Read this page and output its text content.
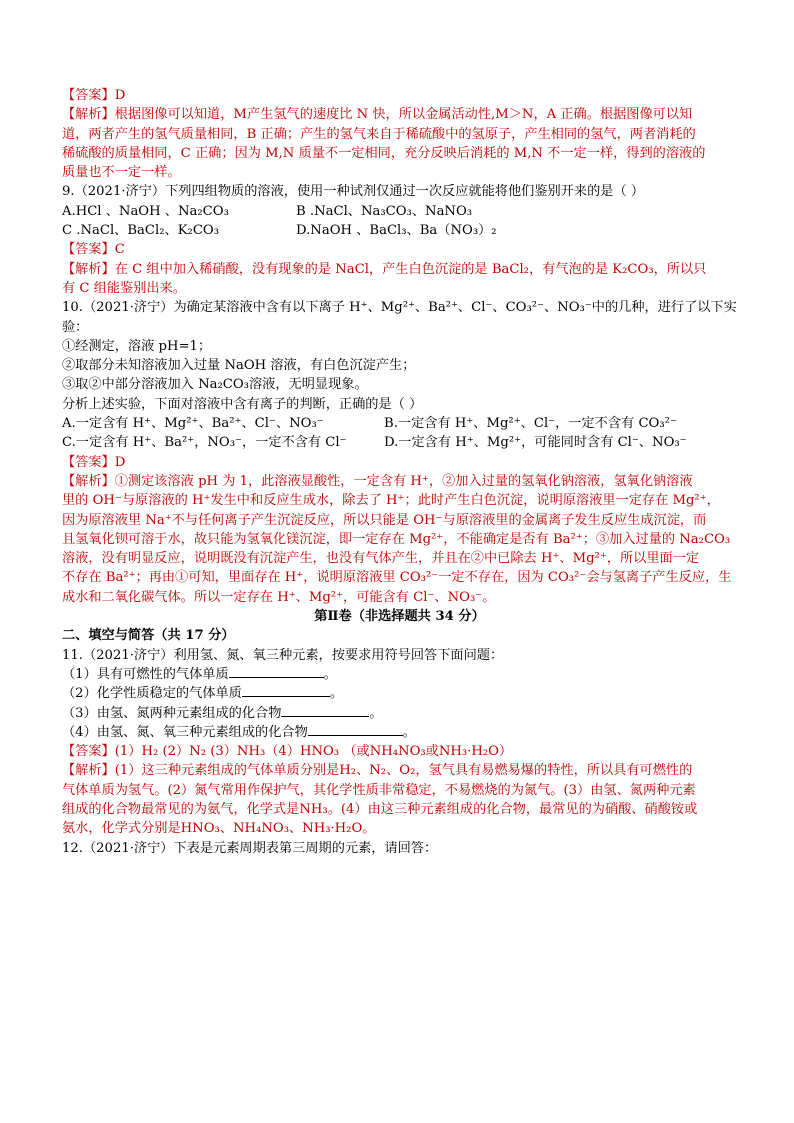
【答案】D
【解析】根据图像可以知道，M产生氢气的速度比 N 快，所以金属活动性,M＞N，A 正确。根据图像可以知
道，两者产生的氢气质量相同，B 正确；产生的氢气来自于稀硫酸中的氢原子，产生相同的氢气，两者消耗的
稀硫酸的质量相同，C 正确；因为 M,N 质量不一定相同，充分反映后消耗的 M,N 不一定一样，得到的溶液的
质量也不一定一样。
9.（2021·济宁）下列四组物质的溶液，使用一种试剂仅通过一次反应就能将他们鉴别开来的是（ ）
A.HCl 、NaOH 、Na₂CO₃	B .NaCl、Na₃CO₃、NaNO₃
C .NaCl、BaCl₂、K₂CO₃	D.NaOH 、BaCl₃、Ba（NO₃）₂
【答案】C
【解析】在 C 组中加入稀硝酸，没有现象的是 NaCl，产生白色沉淀的是 BaCl₂，有气泡的是 K₂CO₃，所以只
有 C 组能鉴别出来。
10.（2021·济宁）为确定某溶液中含有以下离子 H⁺、Mg²⁺、Ba²⁺、Cl⁻、CO₃²⁻、NO₃⁻中的几种，进行了以下实
验：
①经测定，溶液 pH=1；
②取部分未知溶液加入过量 NaOH 溶液，有白色沉淀产生；
③取②中部分溶液加入 Na₂CO₃溶液，无明显现象。
分析上述实验，下面对溶液中含有离子的判断，正确的是（ ）
A.一定含有 H⁺、Mg²⁺、Ba²⁺、Cl⁻、NO₃⁻	B.一定含有 H⁺、Mg²⁺、Cl⁻，一定不含有 CO₃²⁻
C.一定含有 H⁺、Ba²⁺，NO₃⁻，一定不含有 Cl⁻	D.一定含有 H⁺、Mg²⁺，可能同时含有 Cl⁻、NO₃⁻
【答案】D
【解析】①测定该溶液 pH 为 1，此溶液显酸性，一定含有 H⁺，②加入过量的氢氧化钠溶液，氢氧化钠溶液
里的 OH⁻与原溶液的 H⁺发生中和反应生成水，除去了 H⁺；此时产生白色沉淀，说明原溶液里一定存在 Mg²⁺，
因为原溶液里 Na⁺不与任何离子产生沉淀反应，所以只能是 OH⁻与原溶液里的金属离子发生反应生成沉淀，而
且氢氧化钡可溶于水，故只能为氢氧化镁沉淀，即一定存在 Mg²⁺，不能确定是否有 Ba²⁺；③加入过量的 Na₂CO₃
溶液，没有明显反应，说明既没有沉淀产生，也没有气体产生，并且在②中已除去 H⁺、Mg²⁺，所以里面一定
不存在 Ba²⁺；再由①可知，里面存在 H⁺，说明原溶液里 CO₃²⁻一定不存在，因为 CO₃²⁻会与氢离子产生反应，生
成水和二氧化碳气体。所以一定存在 H⁺、Mg²⁺，可能含有 Cl⁻、NO₃⁻。
第Ⅱ卷（非选择题共 34 分）
二、填空与简答（共 17 分）
11.（2021·济宁）利用氢、氮、氧三种元素，按要求用符号回答下面问题：
（1）具有可燃性的气体单质	。
（2）化学性质稳定的气体单质	。
（3）由氢、氮两种元素组成的化合物	。
（4）由氢、氮、氧三种元素组成的化合物	。
【答案】(1）H₂ (2）N₂ (3）NH₃（4）HNO₃ （或NH₄NO₃或NH₃·H₂O）
【解析】(1）这三种元素组成的气体单质分别是H₂、N₂、O₂，氢气具有易燃易爆的特性，所以具有可燃性的
气体单质为氢气。(2）氮气常用作保护气，其化学性质非常稳定，不易燃烧的为氮气。(3）由氢、氮两种元素
组成的化合物最常见的为氨气，化学式是NH₃。(4）由这三种元素组成的化合物，最常见的为硝酸、硝酸铵或
氨水，化学式分别是HNO₃、NH₄NO₃、NH₃·H₂O。
12.（2021·济宁）下表是元素周期表第三周期的元素，请回答：
